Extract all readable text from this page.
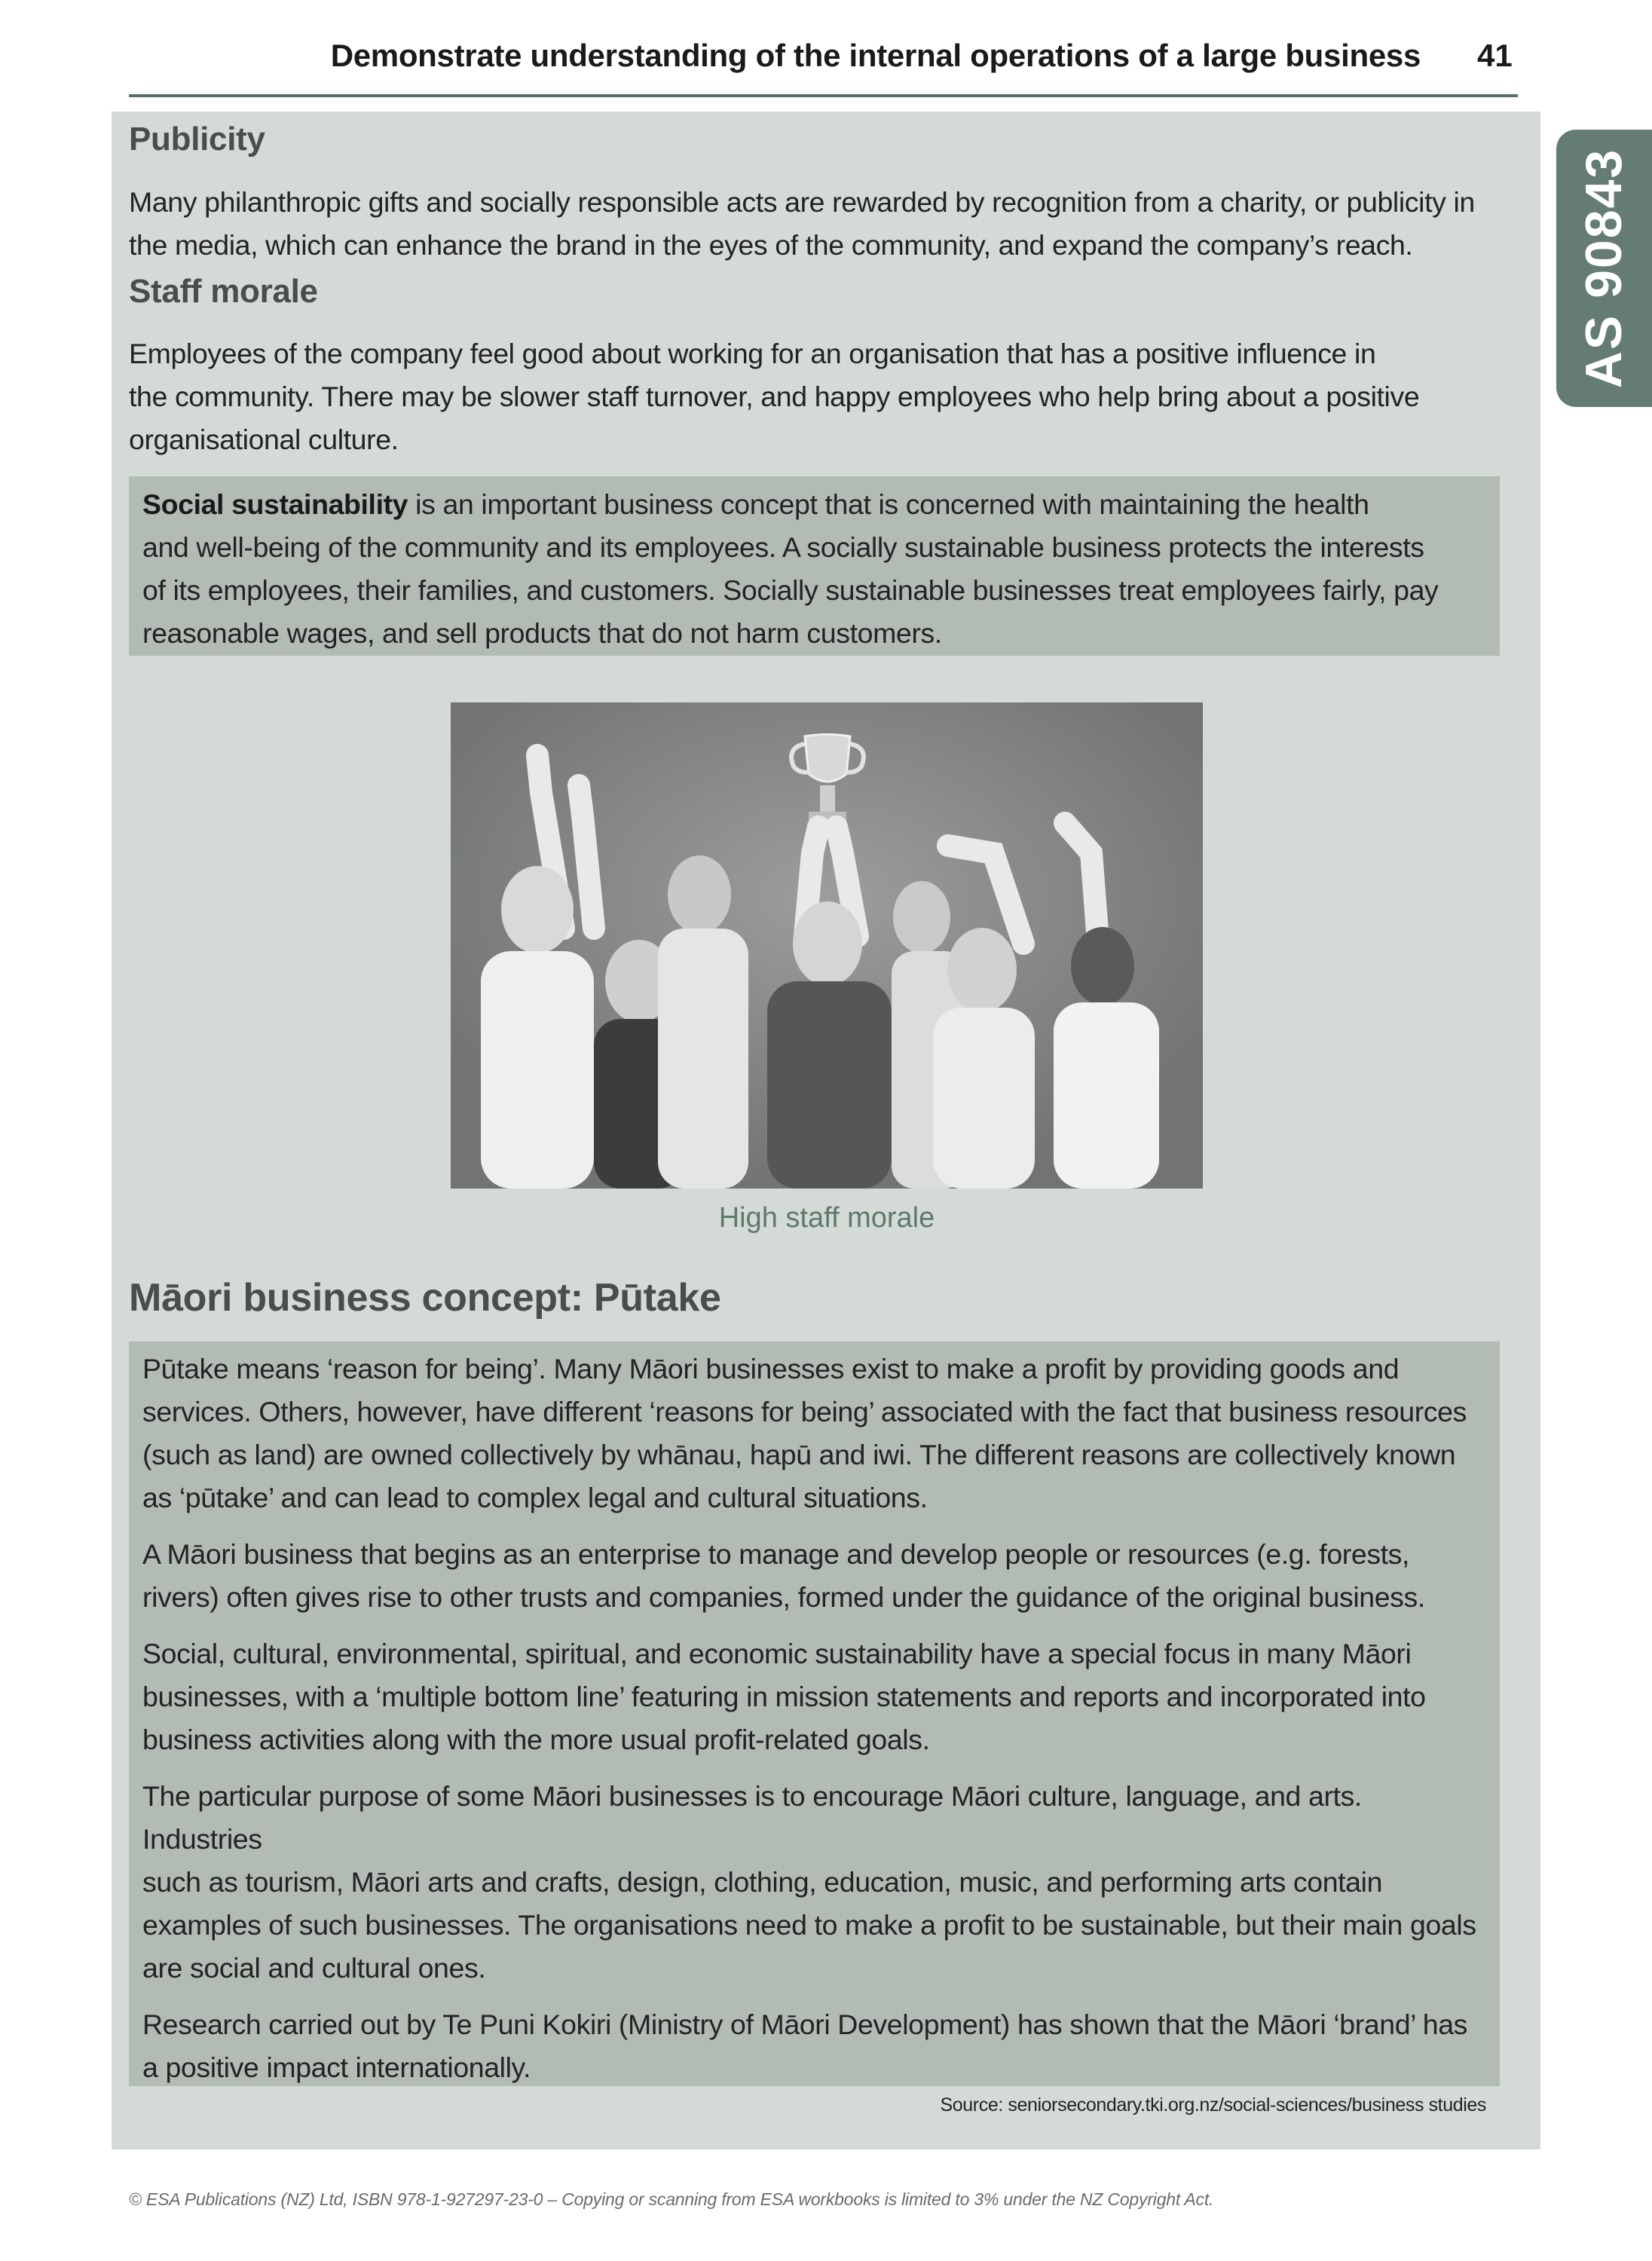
Demonstrate understanding of the internal operations of a large business 41
AS 90843
Publicity

Many philanthropic gifts and socially responsible acts are rewarded by recognition from a charity, or publicity in
the media, which can enhance the brand in the eyes of the community, and expand the company’s reach.

Staff morale

Employees of the company feel good about working for an organisation that has a positive influence in
the community. There may be slower staff turnover, and happy employees who help bring about a positive
organisational culture.

Social sustainability is an important business concept that is concerned with maintaining the health
and well-being of the community and its employees. A socially sustainable business protects the interests
of its employees, their families, and customers. Socially sustainable businesses treat employees fairly, pay
reasonable wages, and sell products that do not harm customers.

High staff morale
Māori business concept: Pūtake

Pūtake means ‘reason for being’. Many Māori businesses exist to make a profit by providing goods and
services. Others, however, have different ‘reasons for being’ associated with the fact that business resources
(such as land) are owned collectively by whānau, hapū and iwi. The different reasons are collectively known
as ‘pūtake’ and can lead to complex legal and cultural situations.

A Māori business that begins as an enterprise to manage and develop people or resources (e.g. forests,
rivers) often gives rise to other trusts and companies, formed under the guidance of the original business.

Social, cultural, environmental, spiritual, and economic sustainability have a special focus in many Māori
businesses, with a ‘multiple bottom line’ featuring in mission statements and reports and incorporated into
business activities along with the more usual profit-related goals.

The particular purpose of some Māori businesses is to encourage Māori culture, language, and arts. Industries
such as tourism, Māori arts and crafts, design, clothing, education, music, and performing arts contain
examples of such businesses. The organisations need to make a profit to be sustainable, but their main goals
are social and cultural ones.

Research carried out by Te Puni Kokiri (Ministry of Māori Development) has shown that the Māori ‘brand’ has
a positive impact internationally.

Source: seniorsecondary.tki.org.nz/social-sciences/business studies

© ESA Publications (NZ) Ltd, ISBN 978-1-927297-23-0 – Copying or scanning from ESA workbooks is limited to 3% under the NZ Copyright Act.
